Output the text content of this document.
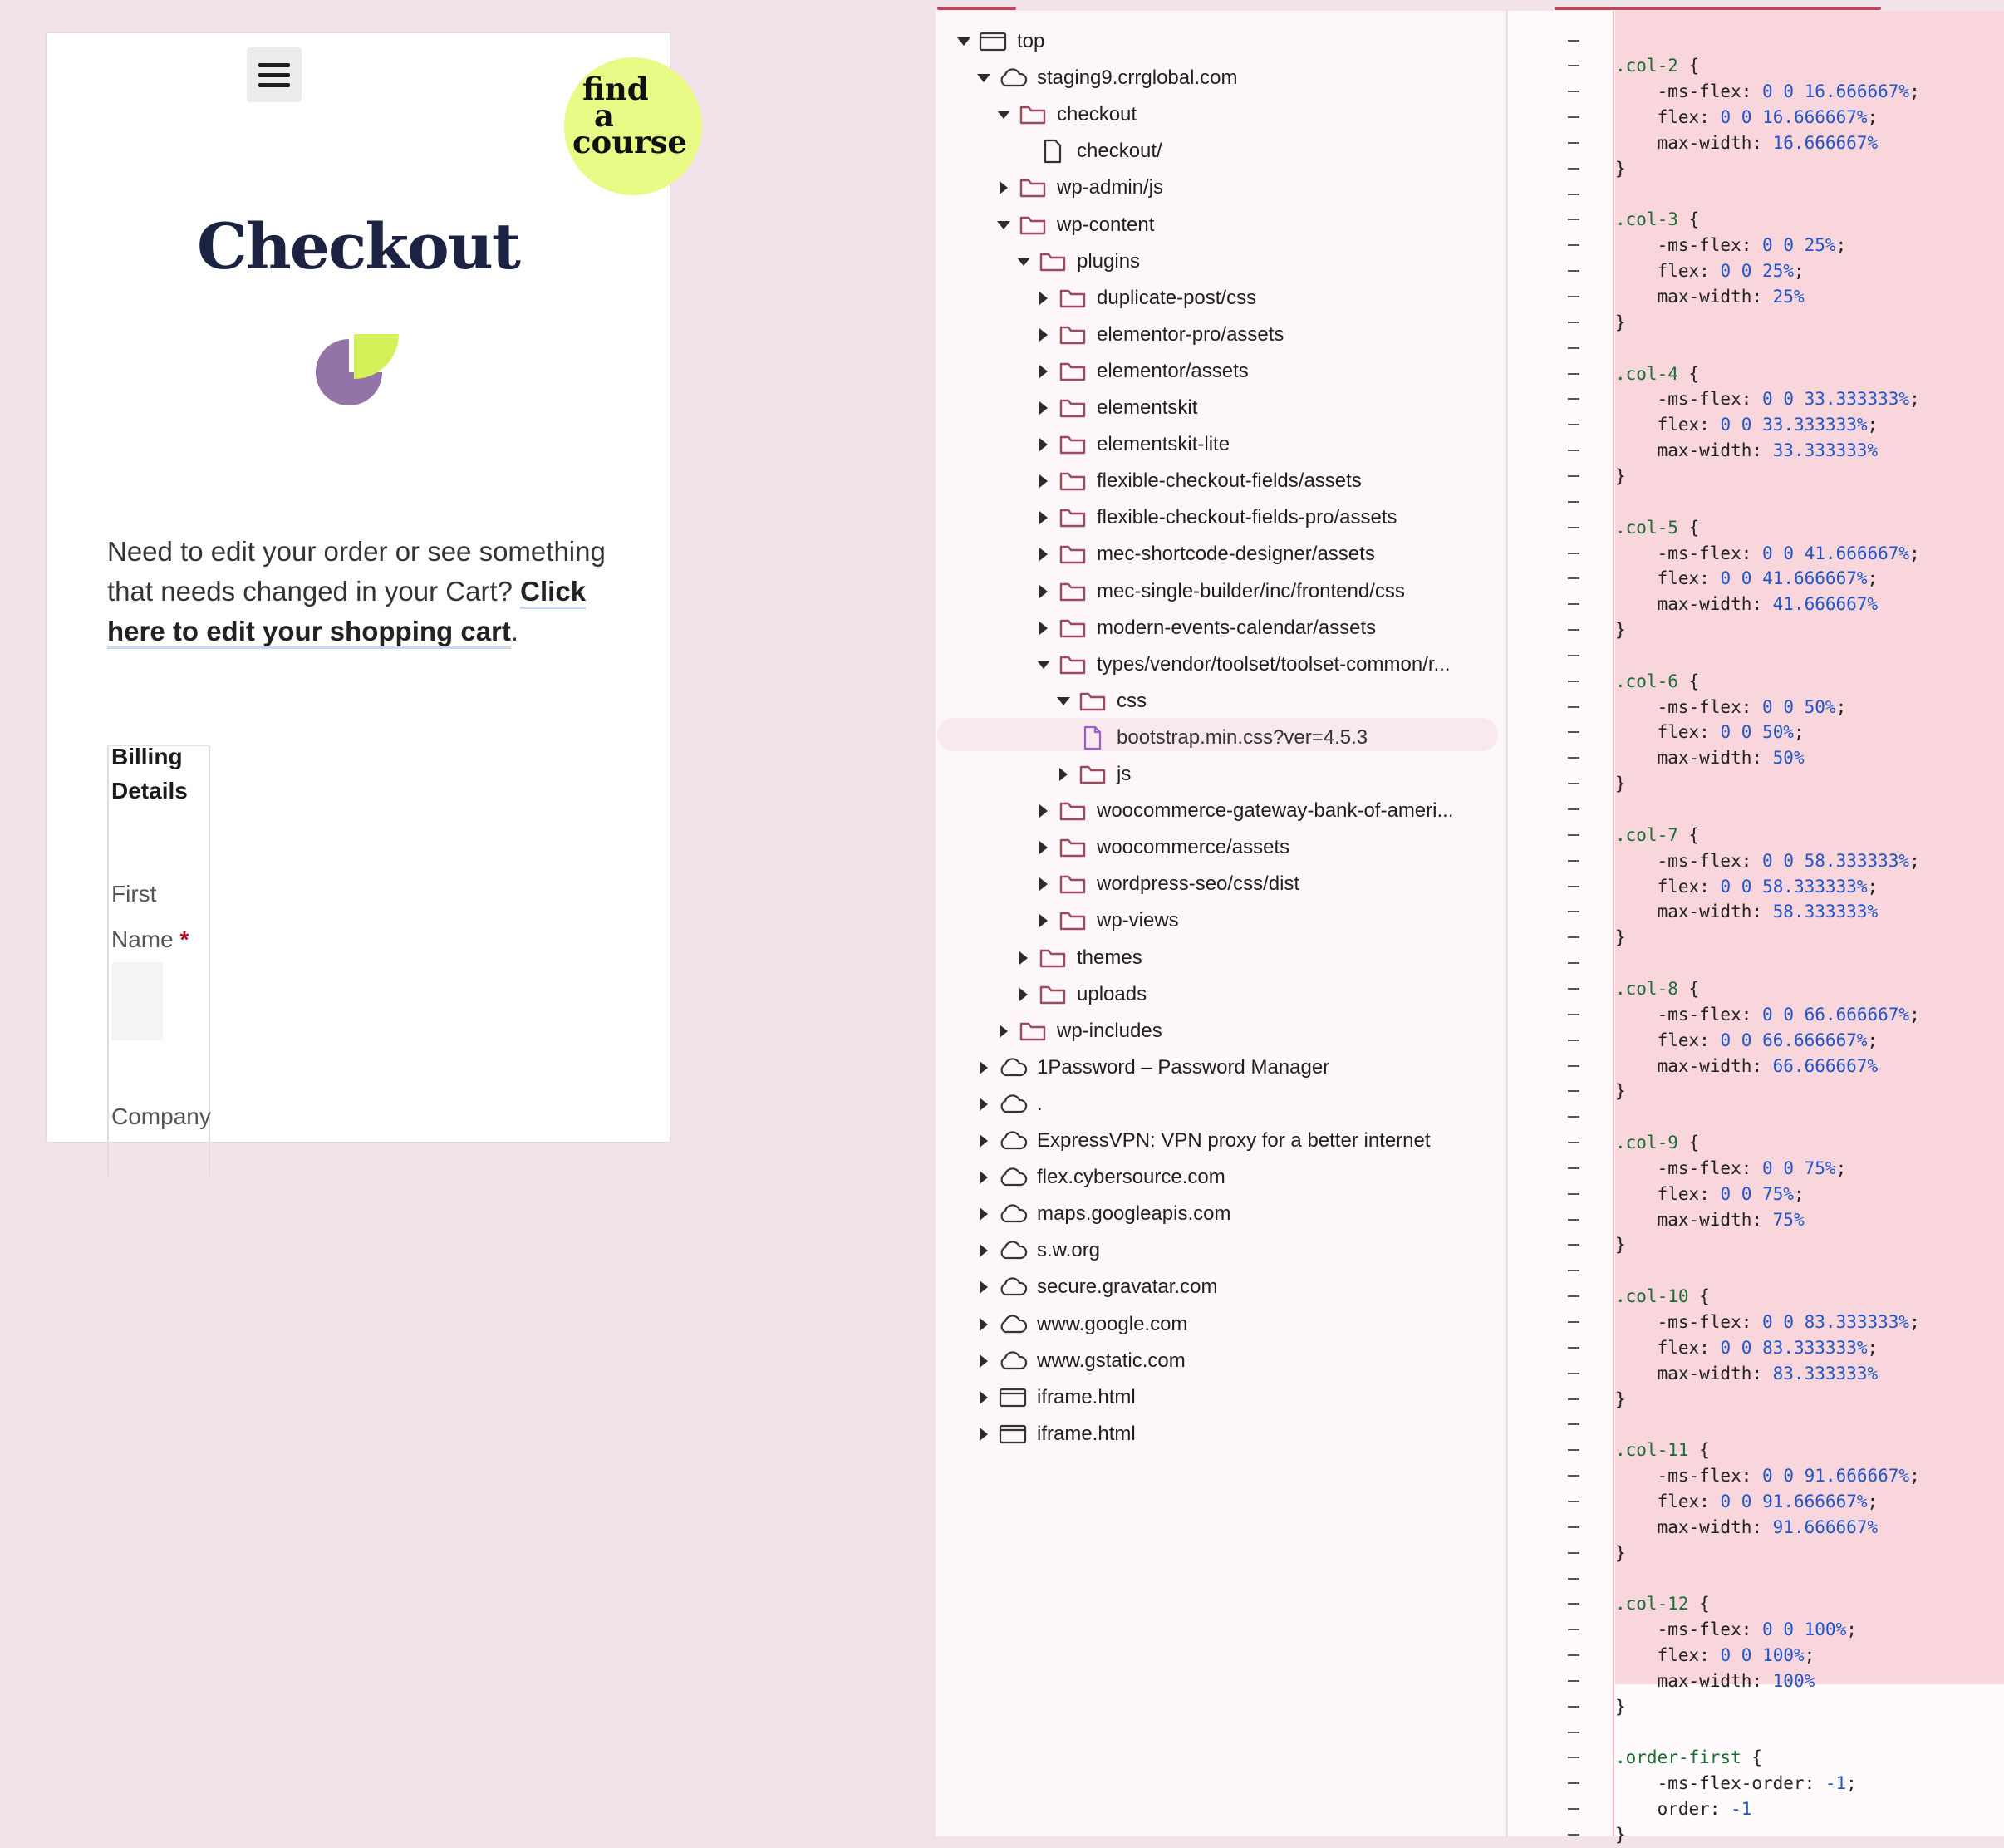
find
a
course
Checkout
Need to edit your order or see something that needs changed in your Cart? Click here to edit your shopping cart.
Billing Details
First Name *
Company
top
staging9.crrglobal.com
checkout
checkout/
wp-admin/js
wp-content
plugins
duplicate-post/css
elementor-pro/assets
elementor/assets
elementskit
elementskit-lite
flexible-checkout-fields/assets
flexible-checkout-fields-pro/assets
mec-shortcode-designer/assets
mec-single-builder/inc/frontend/css
modern-events-calendar/assets
types/vendor/toolset/toolset-common/r...
css
bootstrap.min.css?ver=4.5.3
js
woocommerce-gateway-bank-of-ameri...
woocommerce/assets
wordpress-seo/css/dist
wp-views
themes
uploads
wp-includes
1Password – Password Manager
.
ExpressVPN: VPN proxy for a better internet
flex.cybersource.com
maps.googleapis.com
s.w.org
secure.gravatar.com
www.google.com
www.gstatic.com
iframe.html
iframe.html
.col-2 {
-ms-flex: 0 0 16.666667%;
flex: 0 0 16.666667%;
max-width: 16.666667%
}
.col-3 {
-ms-flex: 0 0 25%;
flex: 0 0 25%;
max-width: 25%
}
.col-4 {
-ms-flex: 0 0 33.333333%;
flex: 0 0 33.333333%;
max-width: 33.333333%
}
.col-5 {
-ms-flex: 0 0 41.666667%;
flex: 0 0 41.666667%;
max-width: 41.666667%
}
.col-6 {
-ms-flex: 0 0 50%;
flex: 0 0 50%;
max-width: 50%
}
.col-7 {
-ms-flex: 0 0 58.333333%;
flex: 0 0 58.333333%;
max-width: 58.333333%
}
.col-8 {
-ms-flex: 0 0 66.666667%;
flex: 0 0 66.666667%;
max-width: 66.666667%
}
.col-9 {
-ms-flex: 0 0 75%;
flex: 0 0 75%;
max-width: 75%
}
.col-10 {
-ms-flex: 0 0 83.333333%;
flex: 0 0 83.333333%;
max-width: 83.333333%
}
.col-11 {
-ms-flex: 0 0 91.666667%;
flex: 0 0 91.666667%;
max-width: 91.666667%
}
.col-12 {
-ms-flex: 0 0 100%;
flex: 0 0 100%;
max-width: 100%
}
.order-first {
-ms-flex-order: -1;
order: -1
}
